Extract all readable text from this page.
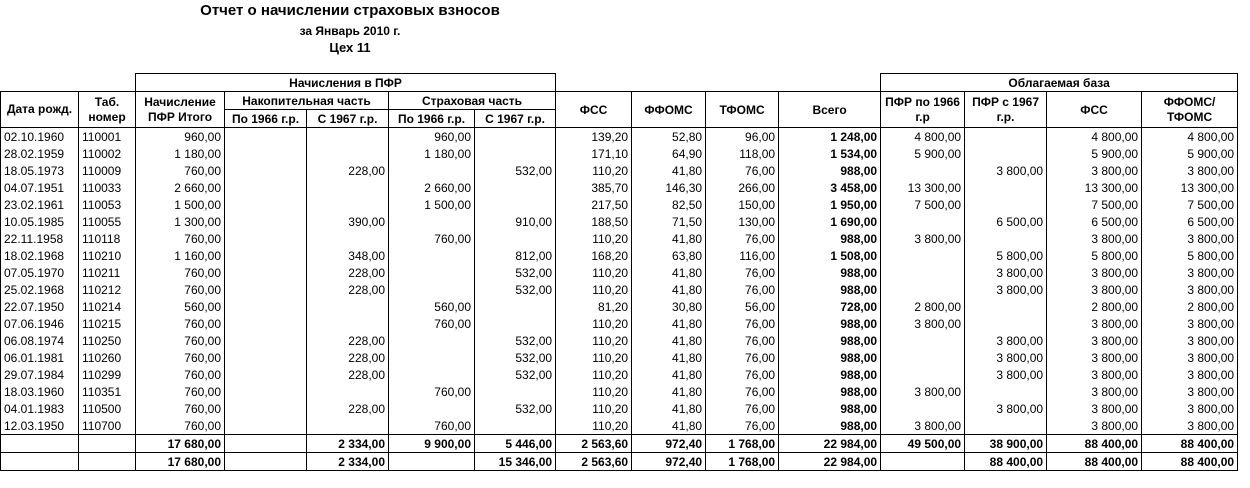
Отчет о начислении страховых взносов
за Январь 2010 г.
Цех 11
		Начисления в ПФР									Облагаемая база			
Дата рожд.	Таб. номер	Начисление ПФР Итого	Накопительная часть		Страховая часть		ФСС	ФФОМС	ТФОМС	Всего	ПФР по 1966 г.р	ПФР с 1967 г.р.	ФСС	ФФОМС/ТФОМС
			По 1966 г.р.	С 1967 г.р.	По 1966 г.р.	С 1967 г.р.								
02.10.1960	110001	960,00			960,00		139,20	52,80	96,00	1 248,00	4 800,00		4 800,00	4 800,00
28.02.1959	110002	1 180,00			1 180,00		171,10	64,90	118,00	1 534,00	5 900,00		5 900,00	5 900,00
18.05.1973	110009	760,00		228,00		532,00	110,20	41,80	76,00	988,00		3 800,00	3 800,00	3 800,00
04.07.1951	110033	2 660,00			2 660,00		385,70	146,30	266,00	3 458,00	13 300,00		13 300,00	13 300,00
23.02.1961	110053	1 500,00			1 500,00		217,50	82,50	150,00	1 950,00	7 500,00		7 500,00	7 500,00
10.05.1985	110055	1 300,00		390,00		910,00	188,50	71,50	130,00	1 690,00		6 500,00	6 500,00	6 500,00
22.11.1958	110118	760,00			760,00		110,20	41,80	76,00	988,00	3 800,00		3 800,00	3 800,00
18.02.1968	110210	1 160,00		348,00		812,00	168,20	63,80	116,00	1 508,00		5 800,00	5 800,00	5 800,00
07.05.1970	110211	760,00		228,00		532,00	110,20	41,80	76,00	988,00		3 800,00	3 800,00	3 800,00
25.02.1968	110212	760,00		228,00		532,00	110,20	41,80	76,00	988,00		3 800,00	3 800,00	3 800,00
22.07.1950	110214	560,00			560,00		81,20	30,80	56,00	728,00	2 800,00		2 800,00	2 800,00
07.06.1946	110215	760,00			760,00		110,20	41,80	76,00	988,00	3 800,00		3 800,00	3 800,00
06.08.1974	110250	760,00		228,00		532,00	110,20	41,80	76,00	988,00		3 800,00	3 800,00	3 800,00
06.01.1981	110260	760,00		228,00		532,00	110,20	41,80	76,00	988,00		3 800,00	3 800,00	3 800,00
29.07.1984	110299	760,00		228,00		532,00	110,20	41,80	76,00	988,00		3 800,00	3 800,00	3 800,00
18.03.1960	110351	760,00			760,00		110,20	41,80	76,00	988,00	3 800,00		3 800,00	3 800,00
04.01.1983	110500	760,00		228,00		532,00	110,20	41,80	76,00	988,00		3 800,00	3 800,00	3 800,00
12.03.1950	110700	760,00			760,00		110,20	41,80	76,00	988,00	3 800,00		3 800,00	3 800,00
		17 680,00		2 334,00	9 900,00	5 446,00	2 563,60	972,40	1 768,00	22 984,00	49 500,00	38 900,00	88 400,00	88 400,00
		17 680,00		2 334,00		15 346,00	2 563,60	972,40	1 768,00	22 984,00		88 400,00	88 400,00	88 400,00
